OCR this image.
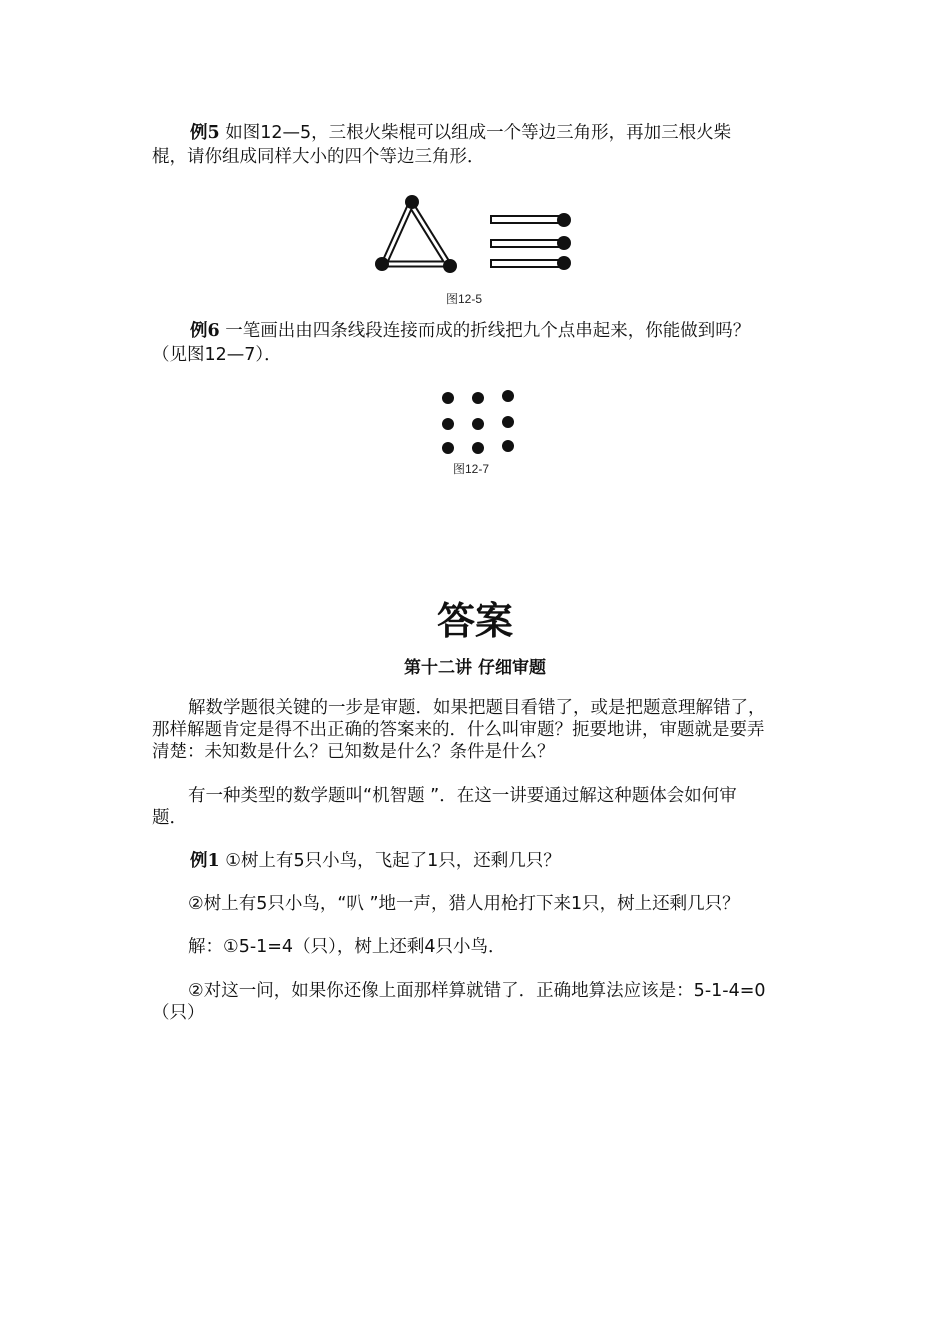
例5 如图12—5，三根火柴棍可以组成一个等边三角形，再加三根火柴
棍，请你组成同样大小的四个等边三角形．
图12-5
例6 一笔画出由四条线段连接而成的折线把九个点串起来，你能做到吗？
（见图12—7）．
图12-7
答案
第十二讲 仔细审题
解数学题很关键的一步是审题．如果把题目看错了，或是把题意理解错了，
那样解题肯定是得不出正确的答案来的．什么叫审题？扼要地讲，审题就是要弄
清楚：未知数是什么？已知数是什么？条件是什么？
有一种类型的数学题叫“机智题 ”．在这一讲要通过解这种题体会如何审
题．
例1 ①树上有5只小鸟，飞起了1只，还剩几只？
②树上有5只小鸟，“叭 ”地一声，猎人用枪打下来1只，树上还剩几只？
解：①5-1=4（只），树上还剩4只小鸟．
②对这一问，如果你还像上面那样算就错了．正确地算法应该是：5-1-4=0
（只）
